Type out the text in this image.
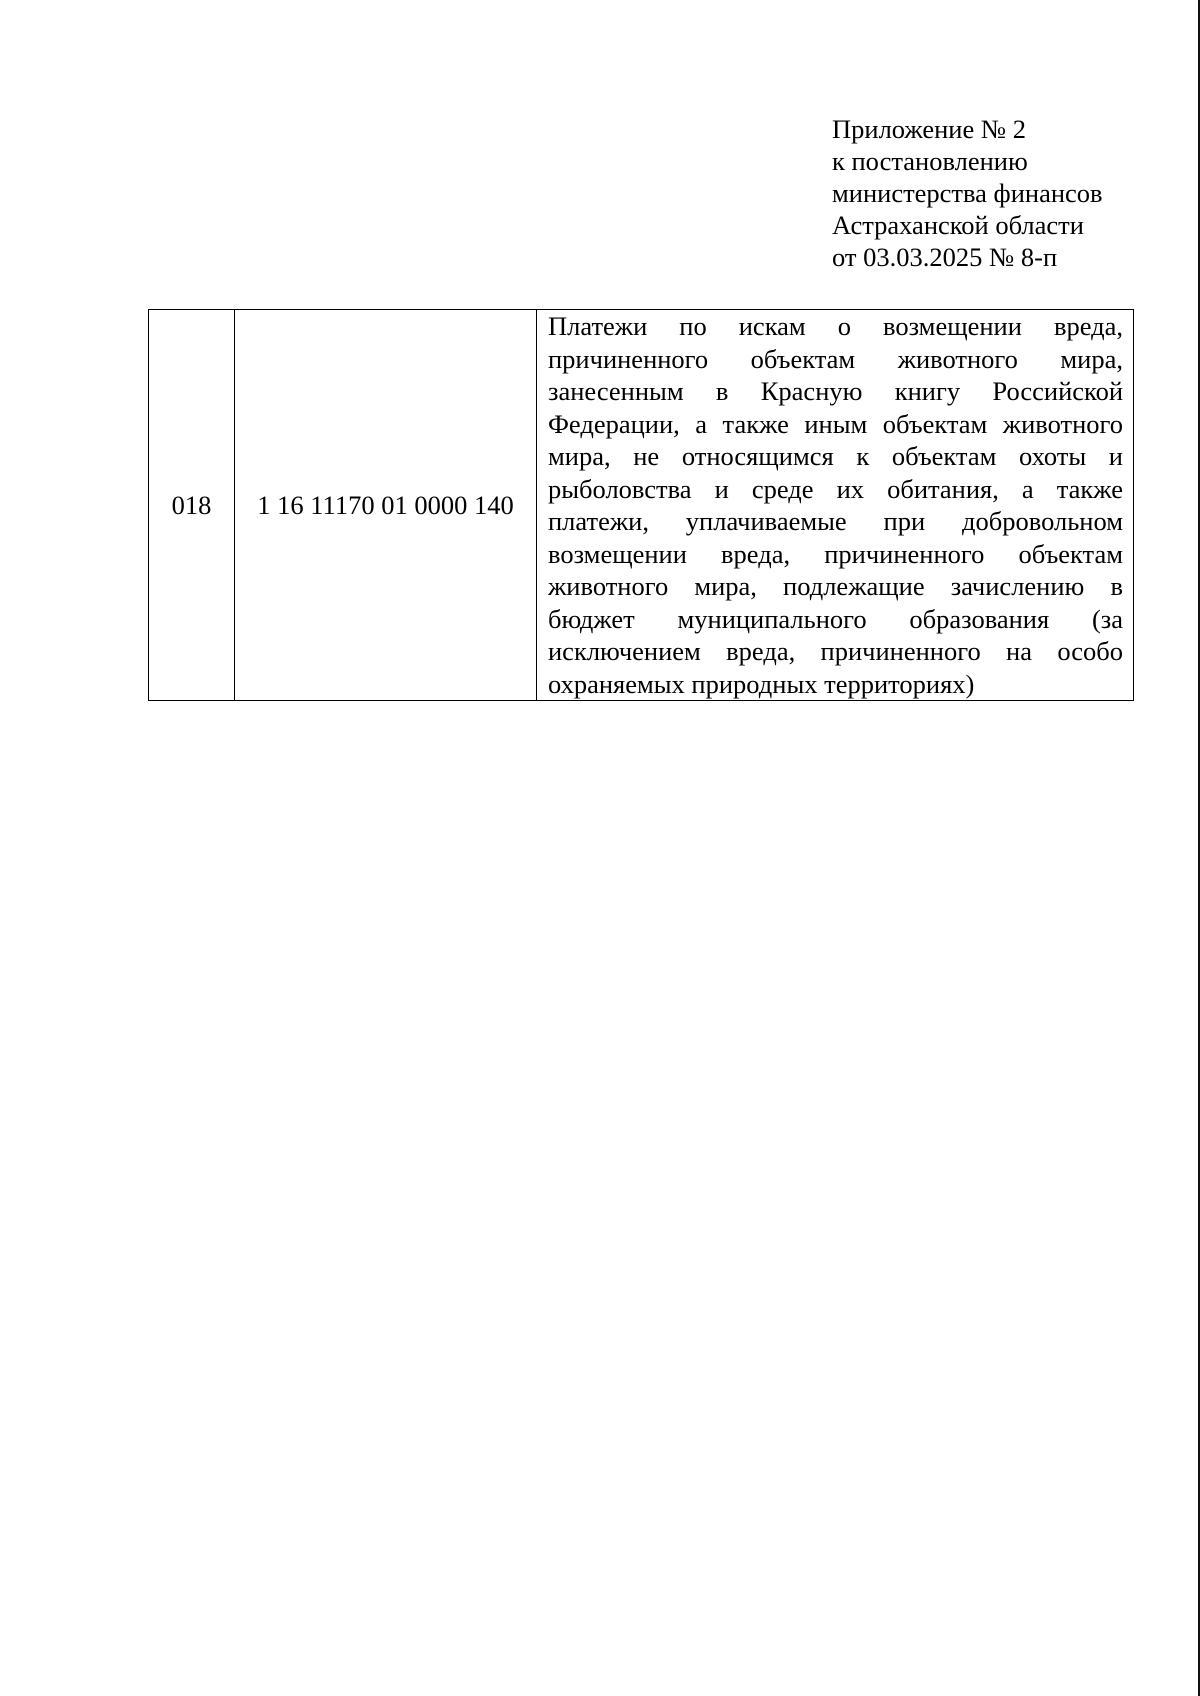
Приложение № 2
к постановлению
министерства финансов
Астраханской области
от 03.03.2025 № 8-п
018	1 16 11170 01 0000 140	Платежи по искам о возмещении вреда, причиненного объектам животного мира, занесенным в Красную книгу Российской Федерации, а также иным объектам животного мира, не относящимся к объектам охоты и рыболовства и среде их обитания, а также платежи, уплачиваемые при добровольном возмещении вреда, причиненного объектам животного мира, подлежащие зачислению в бюджет муниципального образования (за исключением вреда, причиненного на особо охраняемых природных территориях)
